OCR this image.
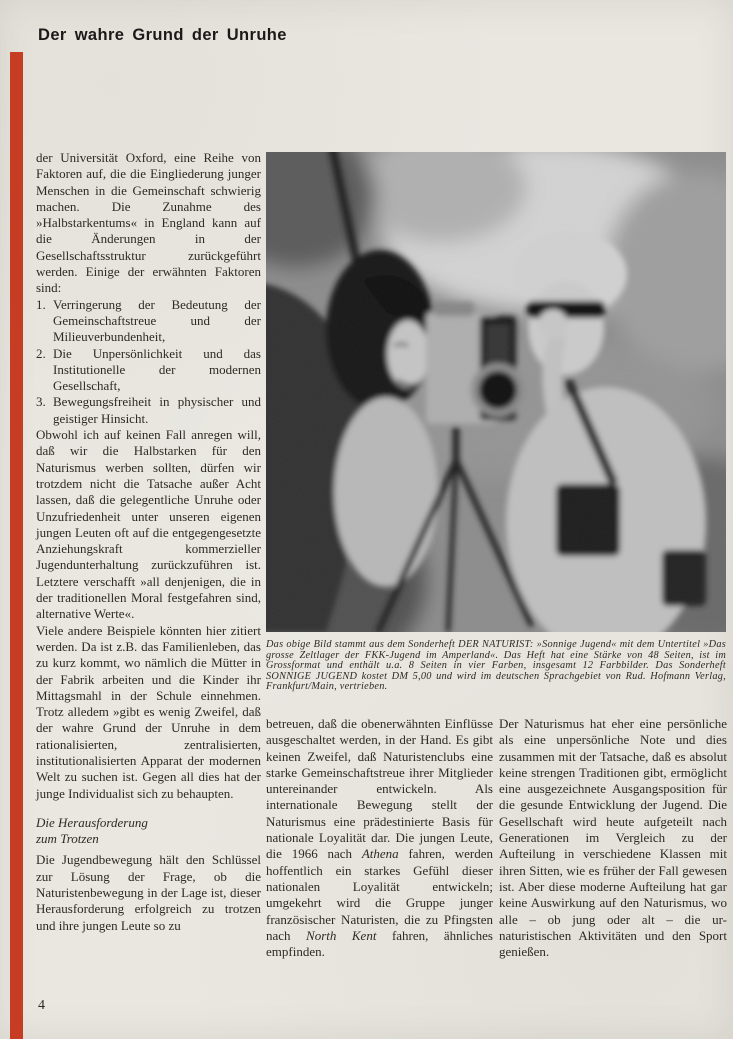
Der wahre Grund der Unruhe

der Universität Oxford, eine Reihe von Faktoren auf, die die Eingliederung junger Menschen in die Gemeinschaft schwierig machen. Die Zunahme des »Halbstarkentums« in England kann auf die Änderungen in der Gesellschaftsstruktur zurückgeführt werden. Einige der erwähnten Faktoren sind:

1. Verringerung der Bedeutung der Gemeinschaftstreue und der Milieuverbundenheit,

2. Die Unpersönlichkeit und das Institutionelle der modernen Gesellschaft,

3. Bewegungsfreiheit in physischer und geistiger Hinsicht.

Obwohl ich auf keinen Fall anregen will, daß wir die Halbstarken für den Naturismus werben sollten, dürfen wir trotzdem nicht die Tatsache außer Acht lassen, daß die gelegentliche Unruhe oder Unzufriedenheit unter unseren eigenen jungen Leuten oft auf die entgegengesetzte Anziehungskraft kommerzieller Jugendunterhaltung zurückzuführen ist. Letztere verschafft »all denjenigen, die in der traditionellen Moral festgefahren sind, alternative Werte«.

Viele andere Beispiele könnten hier zitiert werden. Da ist z.B. das Familienleben, das zu kurz kommt, wo nämlich die Mütter in der Fabrik arbeiten und die Kinder ihr Mittagsmahl in der Schule einnehmen. Trotz alledem »gibt es wenig Zweifel, daß der wahre Grund der Unruhe in dem rationalisierten, zentralisierten, institutionalisierten Apparat der modernen Welt zu suchen ist. Gegen all dies hat der junge Individualist sich zu behaupten.

Die Herausforderung
zum Trotzen

Die Jugendbewegung hält den Schlüssel zur Lösung der Frage, ob die Naturistenbewegung in der Lage ist, dieser Herausforderung erfolgreich zu trotzen und ihre jungen Leute so zu

Das obige Bild stammt aus dem Sonderheft DER NATURIST: »Sonnige Jugend« mit dem Untertitel »Das grosse Zeltlager der FKK-Jugend im Amperland«. Das Heft hat eine Stärke von 48 Seiten, ist im Grossformat und enthält u.a. 8 Seiten in vier Farben, insgesamt 12 Farbbilder. Das Sonderheft SONNIGE JUGEND kostet DM 5,00 und wird im deutschen Sprachgebiet von Rud. Hofmann Verlag, Frankfurt/Main, vertrieben.

betreuen, daß die obenerwähnten Einflüsse ausgeschaltet werden, in der Hand. Es gibt keinen Zweifel, daß Naturistenclubs eine starke Gemeinschaftstreue ihrer Mitglieder untereinander entwickeln. Als internationale Bewegung stellt der Naturismus eine prädestinierte Basis für nationale Loyalität dar. Die jungen Leute, die 1966 nach Athena fahren, werden hoffentlich ein starkes Gefühl dieser nationalen Loyalität entwickeln; umgekehrt wird die Gruppe junger französischer Naturisten, die zu Pfingsten nach North Kent fahren, ähnliches empfinden.

Der Naturismus hat eher eine persönliche als eine unpersönliche Note und dies zusammen mit der Tatsache, daß es absolut keine strengen Traditionen gibt, ermöglicht eine ausgezeichnete Ausgangsposition für die gesunde Entwicklung der Jugend. Die Gesellschaft wird heute aufgeteilt nach Generationen im Vergleich zu der Aufteilung in verschiedene Klassen mit ihren Sitten, wie es früher der Fall gewesen ist. Aber diese moderne Aufteilung hat gar keine Auswirkung auf den Naturismus, wo alle – ob jung oder alt – die ur-naturistischen Aktivitäten und den Sport genießen.

4
